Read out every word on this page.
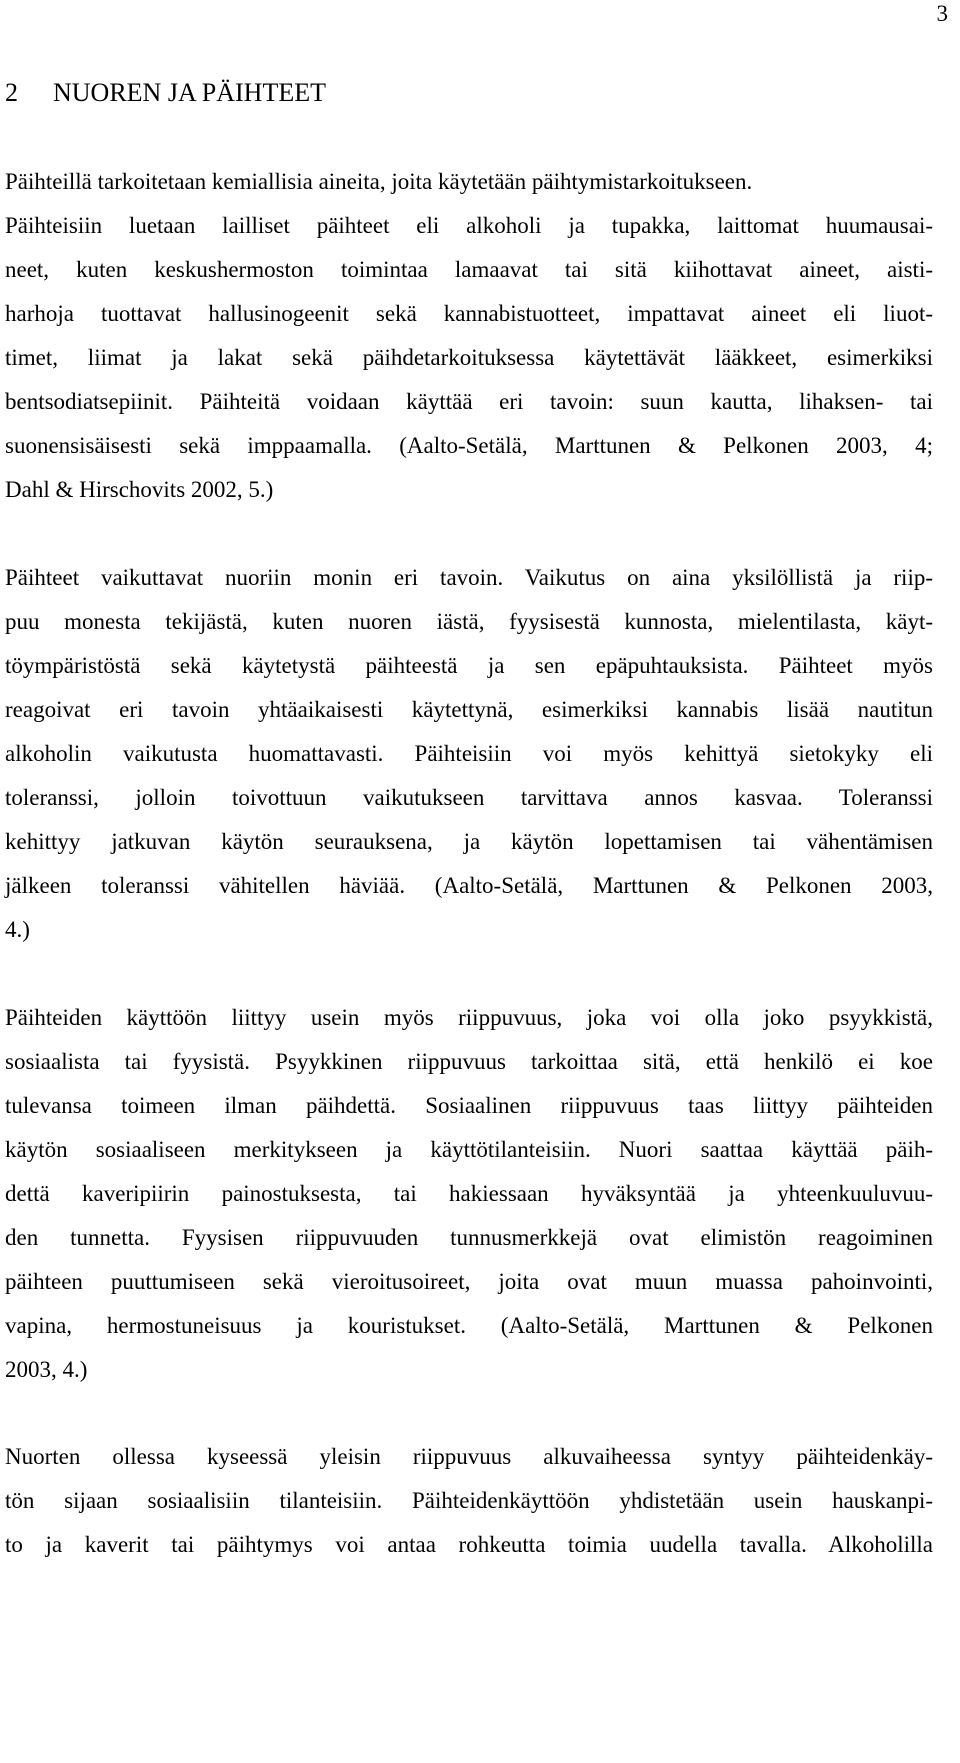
3
2 NUOREN JA PÄIHTEET
Päihteillä tarkoitetaan kemiallisia aineita, joita käytetään päihtymistarkoitukseen.
Päihteisiin luetaan lailliset päihteet eli alkoholi ja tupakka, laittomat huumausai-
neet, kuten keskushermoston toimintaa lamaavat tai sitä kiihottavat aineet, aisti-
harhoja tuottavat hallusinogeenit sekä kannabistuotteet, impattavat aineet eli liuot-
timet, liimat ja lakat sekä päihdetarkoituksessa käytettävät lääkkeet, esimerkiksi
bentsodiatsepiinit. Päihteitä voidaan käyttää eri tavoin: suun kautta, lihaksen- tai
suonensisäisesti sekä imppaamalla. (Aalto-Setälä, Marttunen & Pelkonen 2003, 4;
Dahl & Hirschovits 2002, 5.)
Päihteet vaikuttavat nuoriin monin eri tavoin. Vaikutus on aina yksilöllistä ja riip-
puu monesta tekijästä, kuten nuoren iästä, fyysisestä kunnosta, mielentilasta, käyt-
töympäristöstä sekä käytetystä päihteestä ja sen epäpuhtauksista. Päihteet myös
reagoivat eri tavoin yhtäaikaisesti käytettynä, esimerkiksi kannabis lisää nautitun
alkoholin vaikutusta huomattavasti. Päihteisiin voi myös kehittyä sietokyky eli
toleranssi, jolloin toivottuun vaikutukseen tarvittava annos kasvaa. Toleranssi
kehittyy jatkuvan käytön seurauksena, ja käytön lopettamisen tai vähentämisen
jälkeen toleranssi vähitellen häviää. (Aalto-Setälä, Marttunen & Pelkonen 2003,
4.)
Päihteiden käyttöön liittyy usein myös riippuvuus, joka voi olla joko psyykkistä,
sosiaalista tai fyysistä. Psyykkinen riippuvuus tarkoittaa sitä, että henkilö ei koe
tulevansa toimeen ilman päihdettä. Sosiaalinen riippuvuus taas liittyy päihteiden
käytön sosiaaliseen merkitykseen ja käyttötilanteisiin. Nuori saattaa käyttää päih-
dettä kaveripiirin painostuksesta, tai hakiessaan hyväksyntää ja yhteenkuuluvuu-
den tunnetta. Fyysisen riippuvuuden tunnusmerkkejä ovat elimistön reagoiminen
päihteen puuttumiseen sekä vieroitusoireet, joita ovat muun muassa pahoinvointi,
vapina, hermostuneisuus ja kouristukset. (Aalto-Setälä, Marttunen & Pelkonen
2003, 4.)
Nuorten ollessa kyseessä yleisin riippuvuus alkuvaiheessa syntyy päihteidenkäy-
tön sijaan sosiaalisiin tilanteisiin. Päihteidenkäyttöön yhdistetään usein hauskanpi-
to ja kaverit tai päihtymys voi antaa rohkeutta toimia uudella tavalla. Alkoholilla
